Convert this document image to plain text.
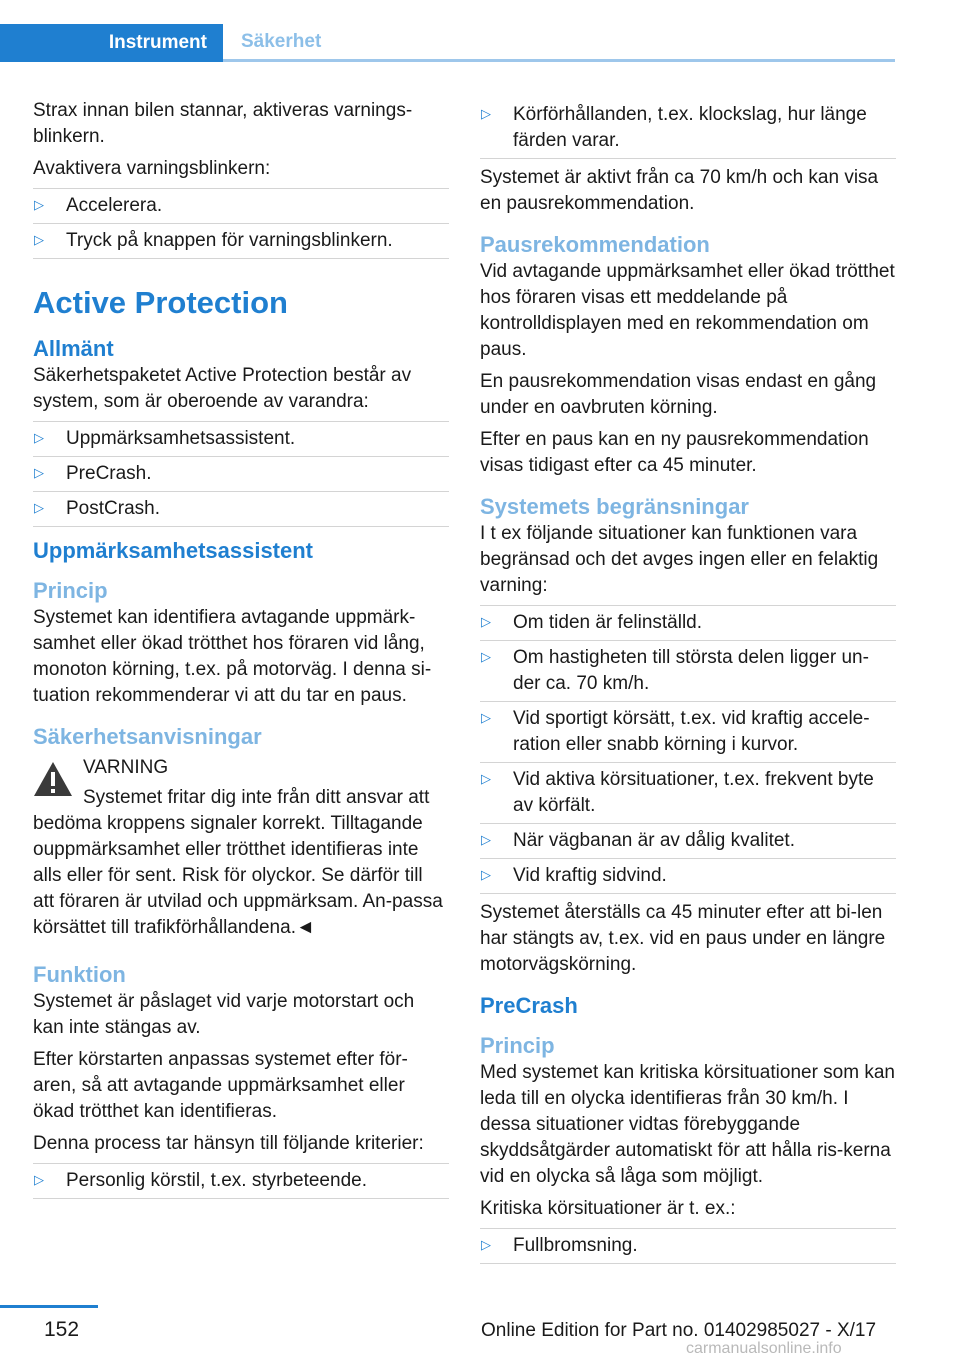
Instrument	Säkerhet

Strax innan bilen stannar, aktiveras varnings-blinkern.

Avaktivera varningsblinkern:

▷ Accelerera.
▷ Tryck på knappen för varningsblinkern.
Active Protection
Allmänt

Säkerhetspaketet Active Protection består av system, som är oberoende av varandra:

▷ Uppmärksamhetsassistent.
▷ PreCrash.
▷ PostCrash.
Uppmärksamhetsassistent
Princip

Systemet kan identifiera avtagande uppmärk-samhet eller ökad trötthet hos föraren vid lång, monoton körning, t.ex. på motorväg. I denna si-tuation rekommenderar vi att du tar en paus.

Säkerhetsanvisningar
VARNING

Systemet fritar dig inte från ditt ansvar att bedöma kroppens signaler korrekt. Tilltagande ouppmärksamhet eller trötthet identifieras inte alls eller för sent. Risk för olyckor. Se därför till att föraren är utvilad och uppmärksam. An-passa körsättet till trafikförhållandena.◄

Funktion

Systemet är påslaget vid varje motorstart och kan inte stängas av.

Efter körstarten anpassas systemet efter för-aren, så att avtagande uppmärksamhet eller ökad trötthet kan identifieras.

Denna process tar hänsyn till följande kriterier:

▷ Personlig körstil, t.ex. styrbeteende.
▷ Körförhållanden, t.ex. klockslag, hur länge färden varar.

Systemet är aktivt från ca 70 km/h och kan visa en pausrekommendation.

Pausrekommendation

Vid avtagande uppmärksamhet eller ökad trötthet hos föraren visas ett meddelande på kontrolldisplayen med en rekommendation om paus.

En pausrekommendation visas endast en gång under en oavbruten körning.

Efter en paus kan en ny pausrekommendation visas tidigast efter ca 45 minuter.

Systemets begränsningar

I t ex följande situationer kan funktionen vara begränsad och det avges ingen eller en felaktig varning:

▷ Om tiden är felinställd.
▷ Om hastigheten till största delen ligger un-der ca. 70 km/h.
▷ Vid sportigt körsätt, t.ex. vid kraftig accele-ration eller snabb körning i kurvor.
▷ Vid aktiva körsituationer, t.ex. frekvent byte av körfält.
▷ När vägbanan är av dålig kvalitet.
▷ Vid kraftig sidvind.

Systemet återställs ca 45 minuter efter att bi-len har stängts av, t.ex. vid en paus under en längre motorvägskörning.

PreCrash
Princip

Med systemet kan kritiska körsituationer som kan leda till en olycka identifieras från 30 km/h. I dessa situationer vidtas förebyggande skyddsåtgärder automatiskt för att hålla ris-kerna vid en olycka så låga som möjligt.

Kritiska körsituationer är t. ex.:

▷ Fullbromsning.
152	Online Edition for Part no. 01402985027 - X/17
carmanualsonline.info
